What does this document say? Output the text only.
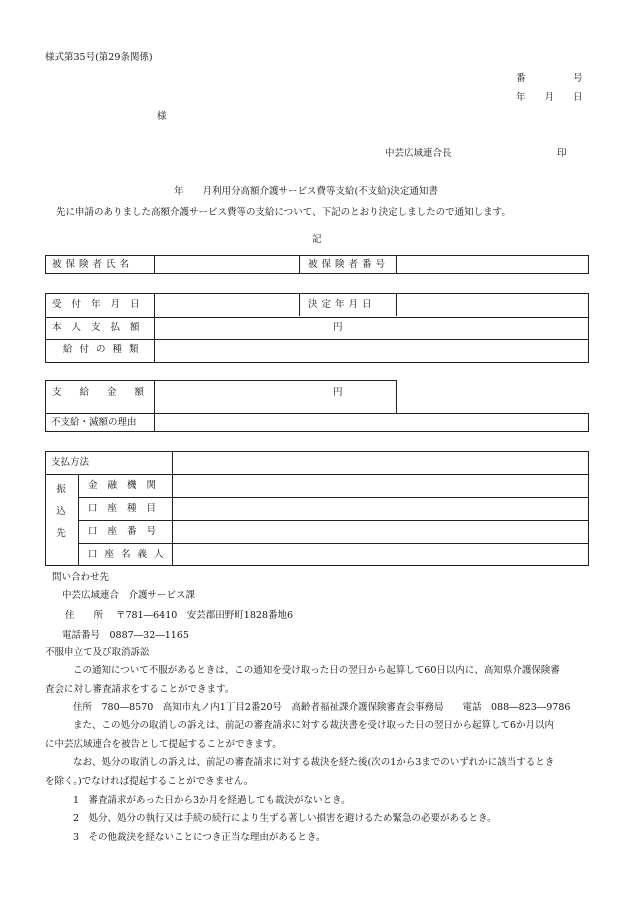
様式第35号(第29条関係)
番　　　　　号
年　　月　　日
様
中芸広域連合長	印
年　　月利用分高額介護サービス費等支給(不支給)決定通知書
先に申請のありました高額介護サービス費等の支給について、下記のとおり決定しましたので通知します。
記
被保険者氏名	被保険者番号
受付年月日	決定年月日
本人支払額	円
給付の種類
支給金額	円
不支給・減額の理由
支払方法
振
込
先
金融機関
口座種目
口座番号
口座名義人
問い合わせ先
中芸広域連合　介護サービス課
住　　所 〒781―6410　安芸郡田野町1828番地6
電話番号　0887―32―1165
不服申立て及び取消訴訟
この通知について不服があるときは、この通知を受け取った日の翌日から起算して60日以内に、高知県介護保険審
査会に対し審査請求をすることができます。
住所　780―8570　高知市丸ノ内1丁目2番20号　高齢者福祉課介護保険審査会事務局　　電話　088―823―9786
また、この処分の取消しの訴えは、前記の審査請求に対する裁決書を受け取った日の翌日から起算して6か月以内
に中芸広域連合を被告として提起することができます。
なお、処分の取消しの訴えは、前記の審査請求に対する裁決を経た後(次の1から3までのいずれかに該当するとき
を除く。)でなければ提起することができません。
1　審査請求があった日から3か月を経過しても裁決がないとき。
2　処分、処分の執行又は手続の続行により生ずる著しい損害を避けるため緊急の必要があるとき。
3　その他裁決を経ないことにつき正当な理由があるとき。
